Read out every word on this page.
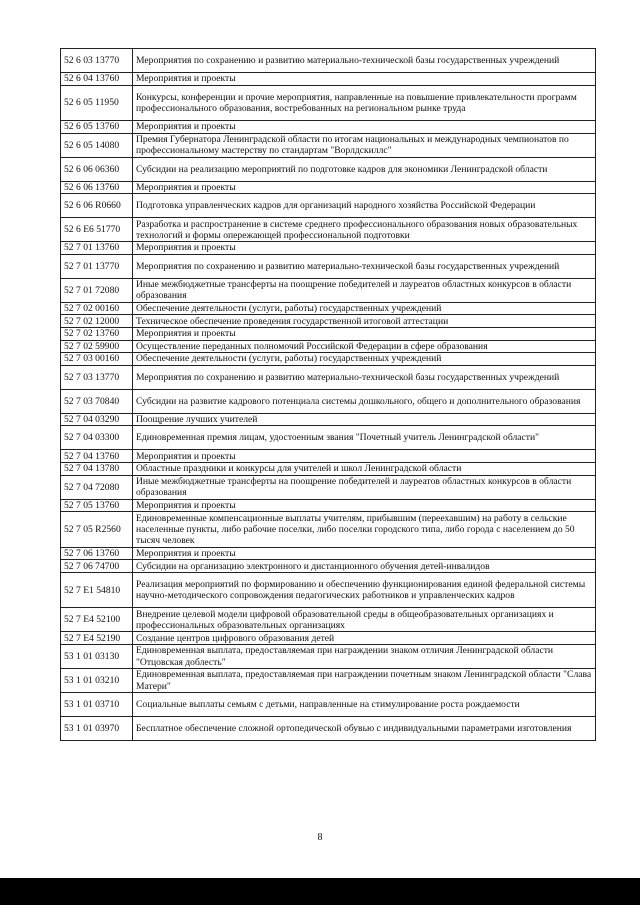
52 6 03 13770	Мероприятия по сохранению и развитию материально-технической базы государственных учреждений
52 6 04 13760	Мероприятия и проекты
52 6 05 11950	Конкурсы, конференции и прочие мероприятия, направленные на повышение привлекательности программ профессионального образования, востребованных на региональном рынке труда
52 6 05 13760	Мероприятия и проекты
52 6 05 14080	Премия Губернатора Ленинградской области по итогам национальных и международных чемпионатов по профессиональному мастерству по стандартам "Ворлдскиллс"
52 6 06 06360	Субсидии на реализацию мероприятий по подготовке кадров для экономики Ленинградской области
52 6 06 13760	Мероприятия и проекты
52 6 06 R0660	Подготовка управленческих кадров для организаций народного хозяйства Российской Федерации
52 6 Е6 51770	Разработка и распространение в системе среднего профессионального образования новых образовательных технологий и формы опережающей профессиональной подготовки
52 7 01 13760	Мероприятия и проекты
52 7 01 13770	Мероприятия по сохранению и развитию материально-технической базы государственных учреждений
52 7 01 72080	Иные межбюджетные трансферты на поощрение победителей и лауреатов областных конкурсов в области образования
52 7 02 00160	Обеспечение деятельности (услуги, работы) государственных учреждений
52 7 02 12000	Техническое обеспечение проведения государственной итоговой аттестации
52 7 02 13760	Мероприятия и проекты
52 7 02 59900	Осуществление переданных полномочий Российской Федерации в сфере образования
52 7 03 00160	Обеспечение деятельности (услуги, работы) государственных учреждений
52 7 03 13770	Мероприятия по сохранению и развитию материально-технической базы государственных учреждений
52 7 03 70840	Субсидии на развитие кадрового потенциала системы дошкольного, общего и дополнительного образования
52 7 04 03290	Поощрение лучших учителей
52 7 04 03300	Единовременная премия лицам, удостоенным звания "Почетный учитель Ленинградской области"
52 7 04 13760	Мероприятия и проекты
52 7 04 13780	Областные праздники и конкурсы для учителей и школ Ленинградской области
52 7 04 72080	Иные межбюджетные трансферты на поощрение победителей и лауреатов областных конкурсов в области образования
52 7 05 13760	Мероприятия и проекты
52 7 05 R2560	Единовременные компенсационные выплаты учителям, прибывшим (переехавшим) на работу в сельские населенные пункты, либо рабочие поселки, либо поселки городского типа, либо города с населением до 50 тысяч человек
52 7 06 13760	Мероприятия и проекты
52 7 06 74700	Субсидии на организацию электронного и дистанционного обучения детей-инвалидов
52 7 Е1 54810	Реализация мероприятий по формированию и обеспечению функционирования единой федеральной системы научно-методического сопровождения педагогических работников и управленческих кадров
52 7 Е4 52100	Внедрение целевой модели цифровой образовательной среды в общеобразовательных организациях и профессиональных образовательных организациях
52 7 Е4 52190	Создание центров цифрового образования детей
53 1 01 03130	Единовременная выплата, предоставляемая при награждении знаком отличия Ленинградской области "Отцовская доблесть"
53 1 01 03210	Единовременная выплата, предоставляемая при награждении почетным знаком Ленинградской области "Слава Матери"
53 1 01 03710	Социальные выплаты семьям с детьми, направленные на стимулирование роста рождаемости
53 1 01 03970	Бесплатное обеспечение сложной ортопедической обувью с индивидуальными параметрами изготовления
8
